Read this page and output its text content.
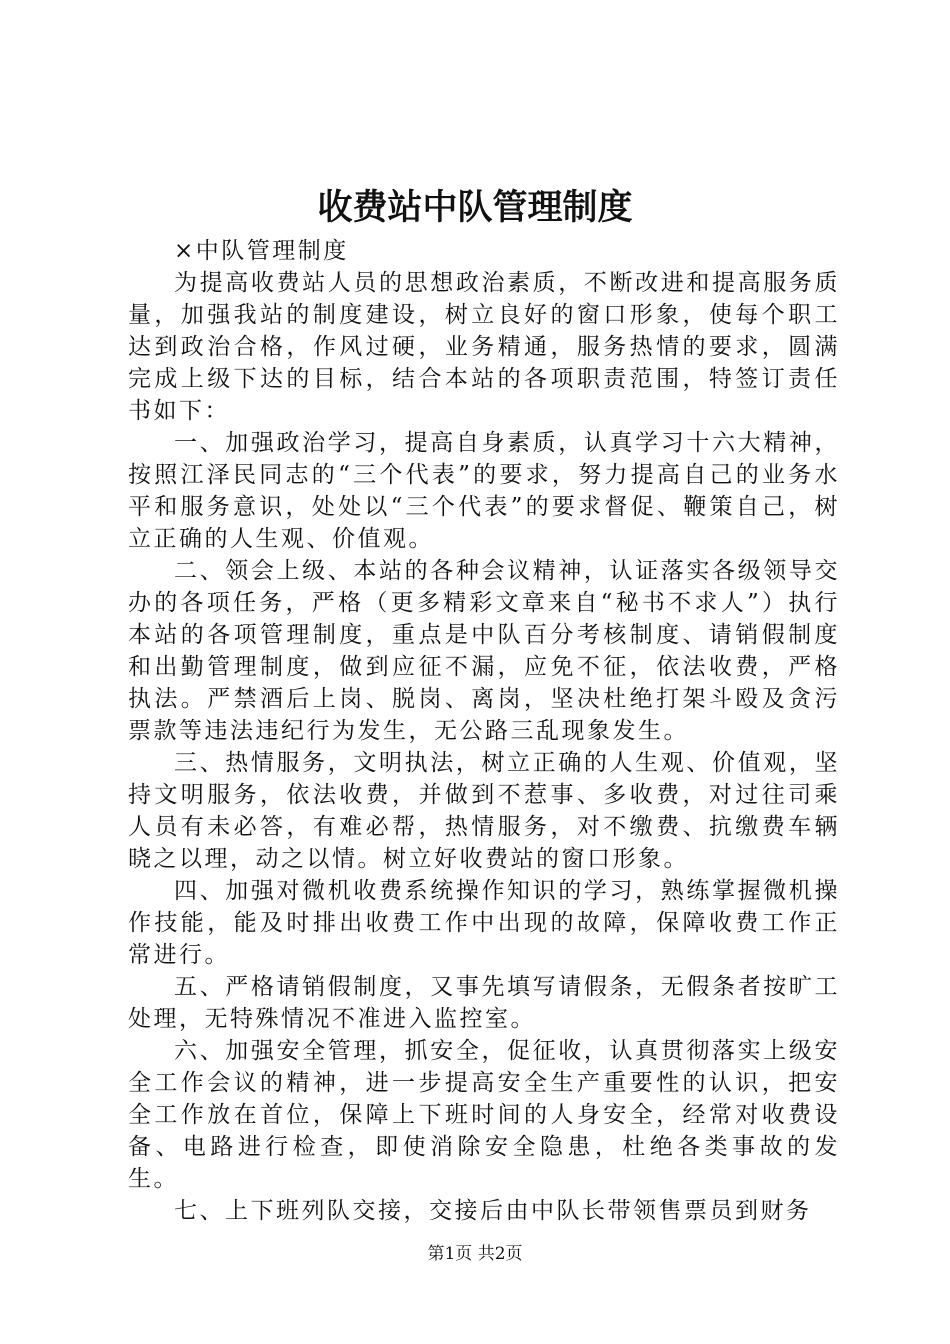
收费站中队管理制度

×中队管理制度

为提高收费站人员的思想政治素质，不断改进和提高服务质量，加强我站的制度建设，树立良好的窗口形象，使每个职工达到政治合格，作风过硬，业务精通，服务热情的要求，圆满完成上级下达的目标，结合本站的各项职责范围，特签订责任书如下：

一、加强政治学习，提高自身素质，认真学习十六大精神，按照江泽民同志的“三个代表”的要求，努力提高自己的业务水平和服务意识，处处以“三个代表”的要求督促、鞭策自己，树立正确的人生观、价值观。

二、领会上级、本站的各种会议精神，认证落实各级领导交办的各项任务，严格（更多精彩文章来自“秘书不求人”）执行本站的各项管理制度，重点是中队百分考核制度、请销假制度和出勤管理制度，做到应征不漏，应免不征，依法收费，严格执法。严禁酒后上岗、脱岗、离岗，坚决杜绝打架斗殴及贪污票款等违法违纪行为发生，无公路三乱现象发生。

三、热情服务，文明执法，树立正确的人生观、价值观，坚持文明服务，依法收费，并做到不惹事、多收费，对过往司乘人员有未必答，有难必帮，热情服务，对不缴费、抗缴费车辆晓之以理，动之以情。树立好收费站的窗口形象。

四、加强对微机收费系统操作知识的学习，熟练掌握微机操作技能，能及时排出收费工作中出现的故障，保障收费工作正常进行。

五、严格请销假制度，又事先填写请假条，无假条者按旷工处理，无特殊情况不准进入监控室。

六、加强安全管理，抓安全，促征收，认真贯彻落实上级安全工作会议的精神，进一步提高安全生产重要性的认识，把安全工作放在首位，保障上下班时间的人身安全，经常对收费设备、电路进行检查，即使消除安全隐患，杜绝各类事故的发生。

七、上下班列队交接，交接后由中队长带领售票员到财务

第1页 共2页
